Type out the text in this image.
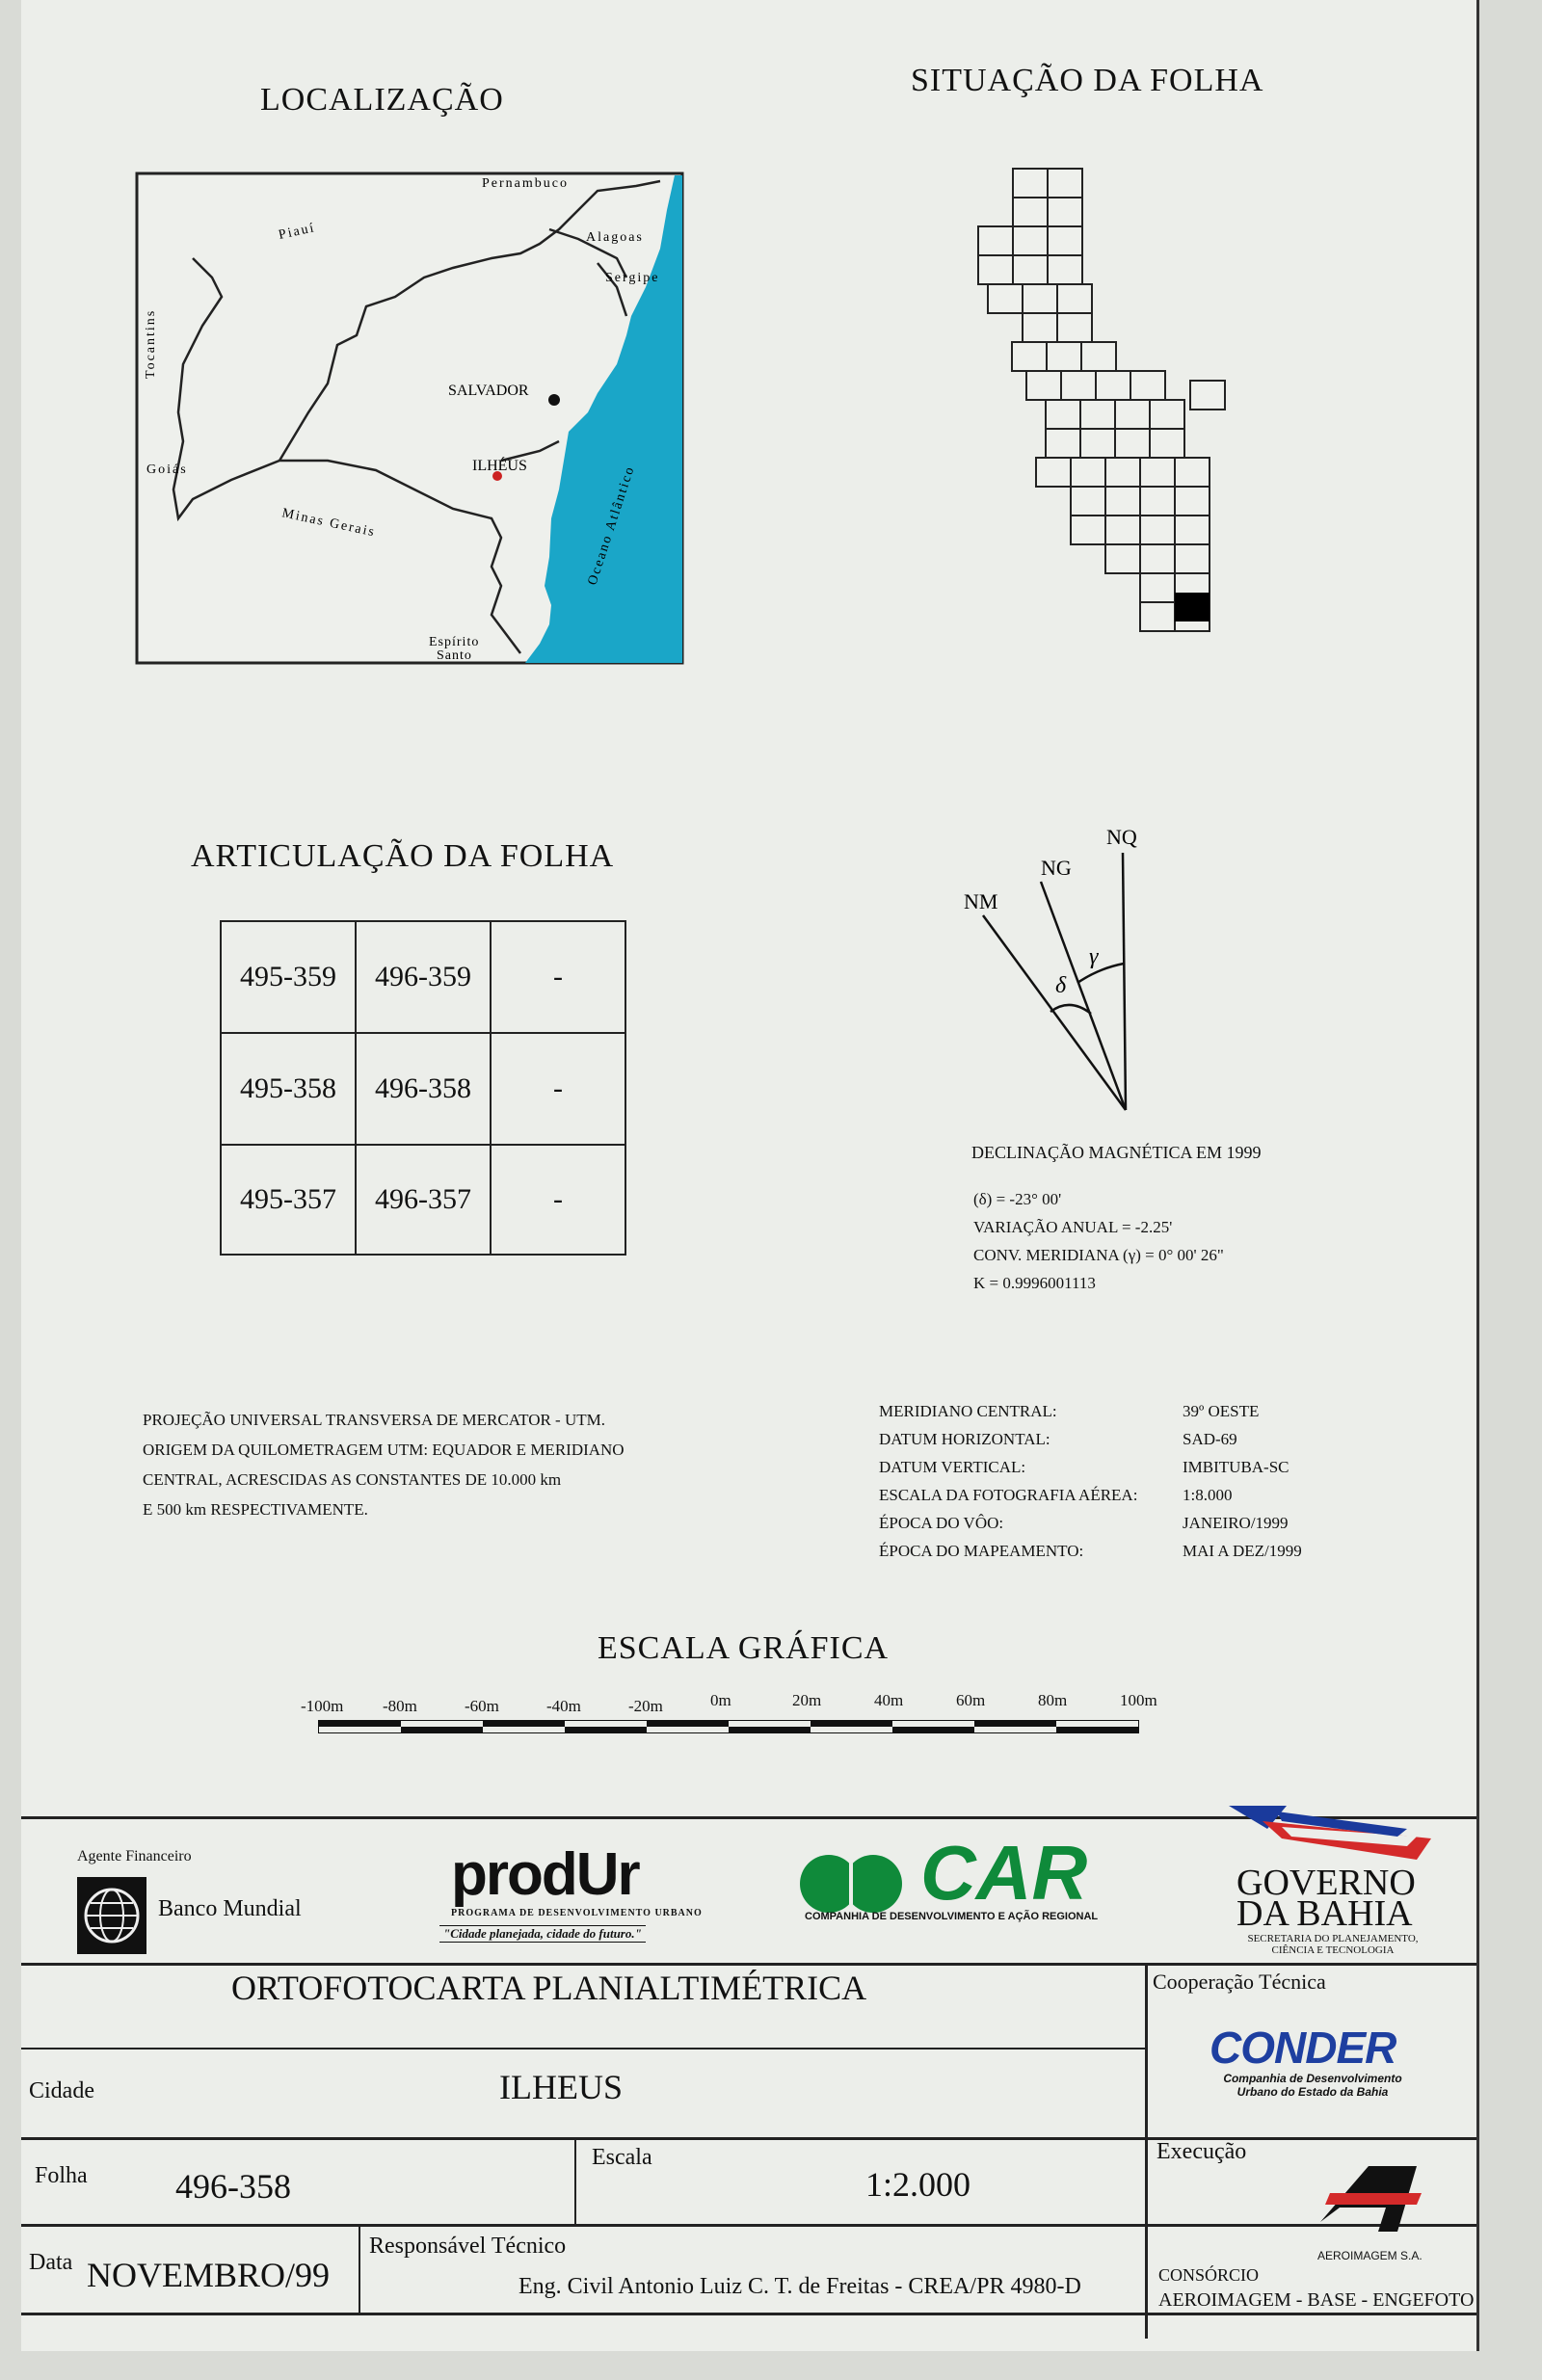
LOCALIZAÇÃO
Pernambuco
Piauí	Alagoas
Sergipe
Tocantins
SALVADOR
Goiás	ILHÉUS
Minas Gerais	Oceano Atlântico
Espírito
Santo
SITUAÇÃO DA FOLHA
ARTICULAÇÃO DA FOLHA
495-359	496-359	-
495-358	496-358	-
495-357	496-357	-
NQ
NG
NM
γ
δ
DECLINAÇÃO MAGNÉTICA EM 1999
(δ) = -23° 00'
VARIAÇÃO ANUAL = -2.25'
CONV. MERIDIANA (γ) = 0° 00' 26"
K = 0.9996001113
PROJEÇÃO UNIVERSAL TRANSVERSA DE MERCATOR - UTM.
ORIGEM DA QUILOMETRAGEM UTM: EQUADOR E MERIDIANO
CENTRAL, ACRESCIDAS AS CONSTANTES DE 10.000 km
E 500 km RESPECTIVAMENTE.
MERIDIANO CENTRAL:	39º OESTE
DATUM HORIZONTAL:	SAD-69
DATUM VERTICAL:	IMBITUBA-SC
ESCALA DA FOTOGRAFIA AÉREA:	1:8.000
ÉPOCA DO VÔO:	JANEIRO/1999
ÉPOCA DO MAPEAMENTO:	MAI A DEZ/1999
ESCALA GRÁFICA
-100m -80m	-60m	-40m	-20m	0m	20m	40m	60m	80m	100m
Agente Financeiro
Banco Mundial
prodUr
PROGRAMA DE DESENVOLVIMENTO URBANO
"Cidade planejada, cidade do futuro."
CAR
COMPANHIA DE DESENVOLVIMENTO E AÇÃO REGIONAL
GOVERNO
DA BAHIA
SECRETARIA DO PLANEJAMENTO,
CIÊNCIA E TECNOLOGIA
ORTOFOTOCARTA PLANIALTIMÉTRICA	Cooperação Técnica
CONDER
Companhia de Desenvolvimento
Urbano do Estado da Bahia
Cidade	ILHEUS
Folha	496-358
Escala
1:2.000
Execução
AEROIMAGEM S.A.
Data NOVEMBRO/99
Responsável Técnico
Eng. Civil Antonio Luiz C. T. de Freitas - CREA/PR 4980-D	CONSÓRCIO
AEROIMAGEM - BASE - ENGEFOTO
